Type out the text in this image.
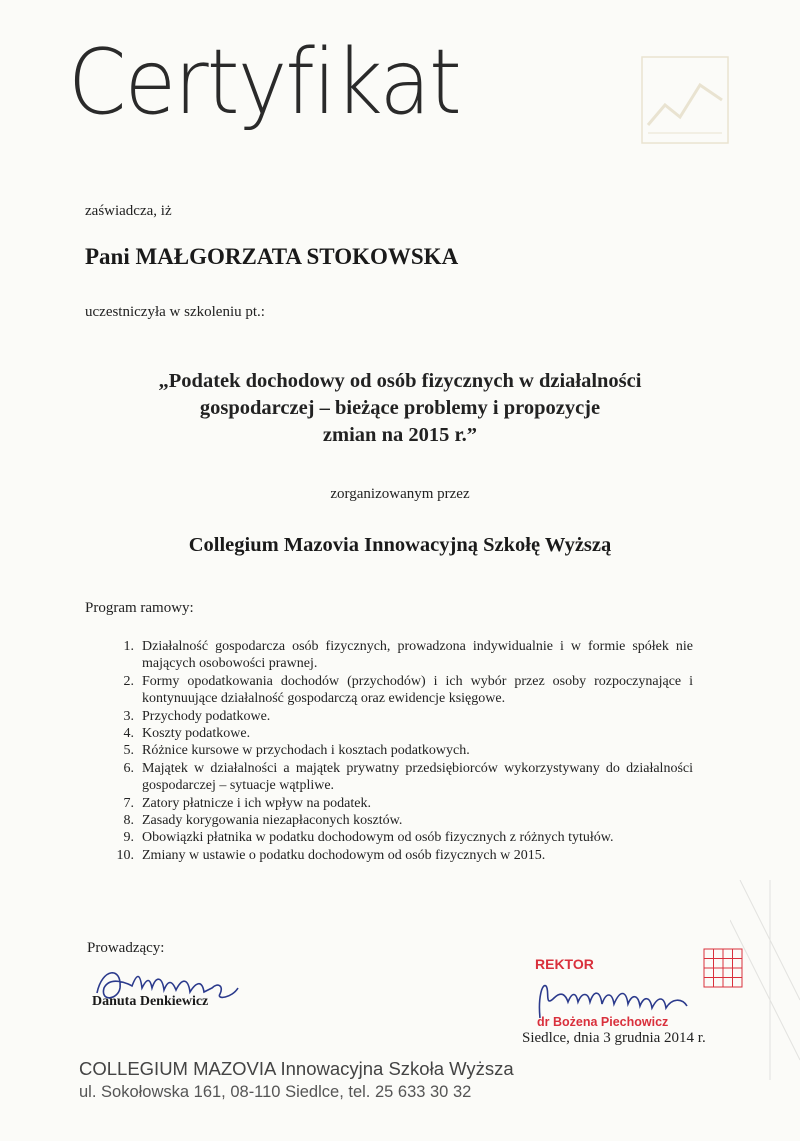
Certyfikat
zaświadcza, iż
Pani MAŁGORZATA STOKOWSKA
uczestniczyła w szkoleniu pt.:
„Podatek dochodowy od osób fizycznych w działalności
gospodarczej – bieżące problemy i propozycje
zmian na 2015 r.”
zorganizowanym przez
Collegium Mazovia Innowacyjną Szkołę Wyższą
Program ramowy:
1. Działalność gospodarcza osób fizycznych, prowadzona indywidualnie i w formie spółek nie mających osobowości prawnej.
2. Formy opodatkowania dochodów (przychodów) i ich wybór przez osoby rozpoczynające i kontynuujące działalność gospodarczą oraz ewidencje księgowe.
3. Przychody podatkowe.
4. Koszty podatkowe.
5. Różnice kursowe w przychodach i kosztach podatkowych.
6. Majątek w działalności a majątek prywatny przedsiębiorców wykorzystywany do działalności gospodarczej – sytuacje wątpliwe.
7. Zatory płatnicze i ich wpływ na podatek.
8. Zasady korygowania niezapłaconych kosztów.
9. Obowiązki płatnika w podatku dochodowym od osób fizycznych z różnych tytułów.
10. Zmiany w ustawie o podatku dochodowym od osób fizycznych w 2015.
Prowadzący:
Danuta Denkiewicz
REKTOR
dr Bożena Piechowicz
Siedlce, dnia 3 grudnia 2014 r.
COLLEGIUM MAZOVIA Innowacyjna Szkoła Wyższa
ul. Sokołowska 161, 08-110 Siedlce, tel. 25 633 30 32
